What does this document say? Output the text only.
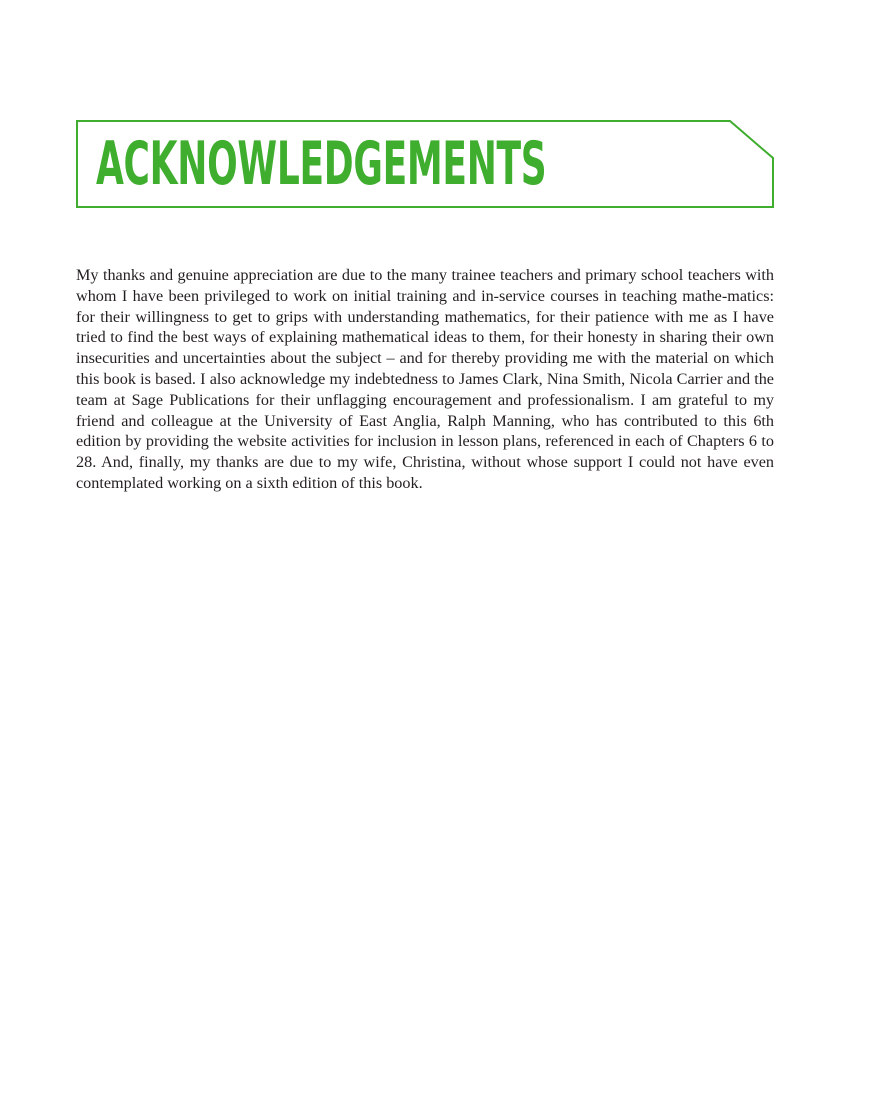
ACKNOWLEDGEMENTS

My thanks and genuine appreciation are due to the many trainee teachers and primary school teachers with whom I have been privileged to work on initial training and in-service courses in teaching mathe-matics: for their willingness to get to grips with understanding mathematics, for their patience with me as I have tried to find the best ways of explaining mathematical ideas to them, for their honesty in sharing their own insecurities and uncertainties about the subject – and for thereby providing me with the material on which this book is based. I also acknowledge my indebtedness to James Clark, Nina Smith, Nicola Carrier and the team at Sage Publications for their unflagging encouragement and professionalism. I am grateful to my friend and colleague at the University of East Anglia, Ralph Manning, who has contributed to this 6th edition by providing the website activities for inclusion in lesson plans, referenced in each of Chapters 6 to 28. And, finally, my thanks are due to my wife, Christina, without whose support I could not have even contemplated working on a sixth edition of this book.
